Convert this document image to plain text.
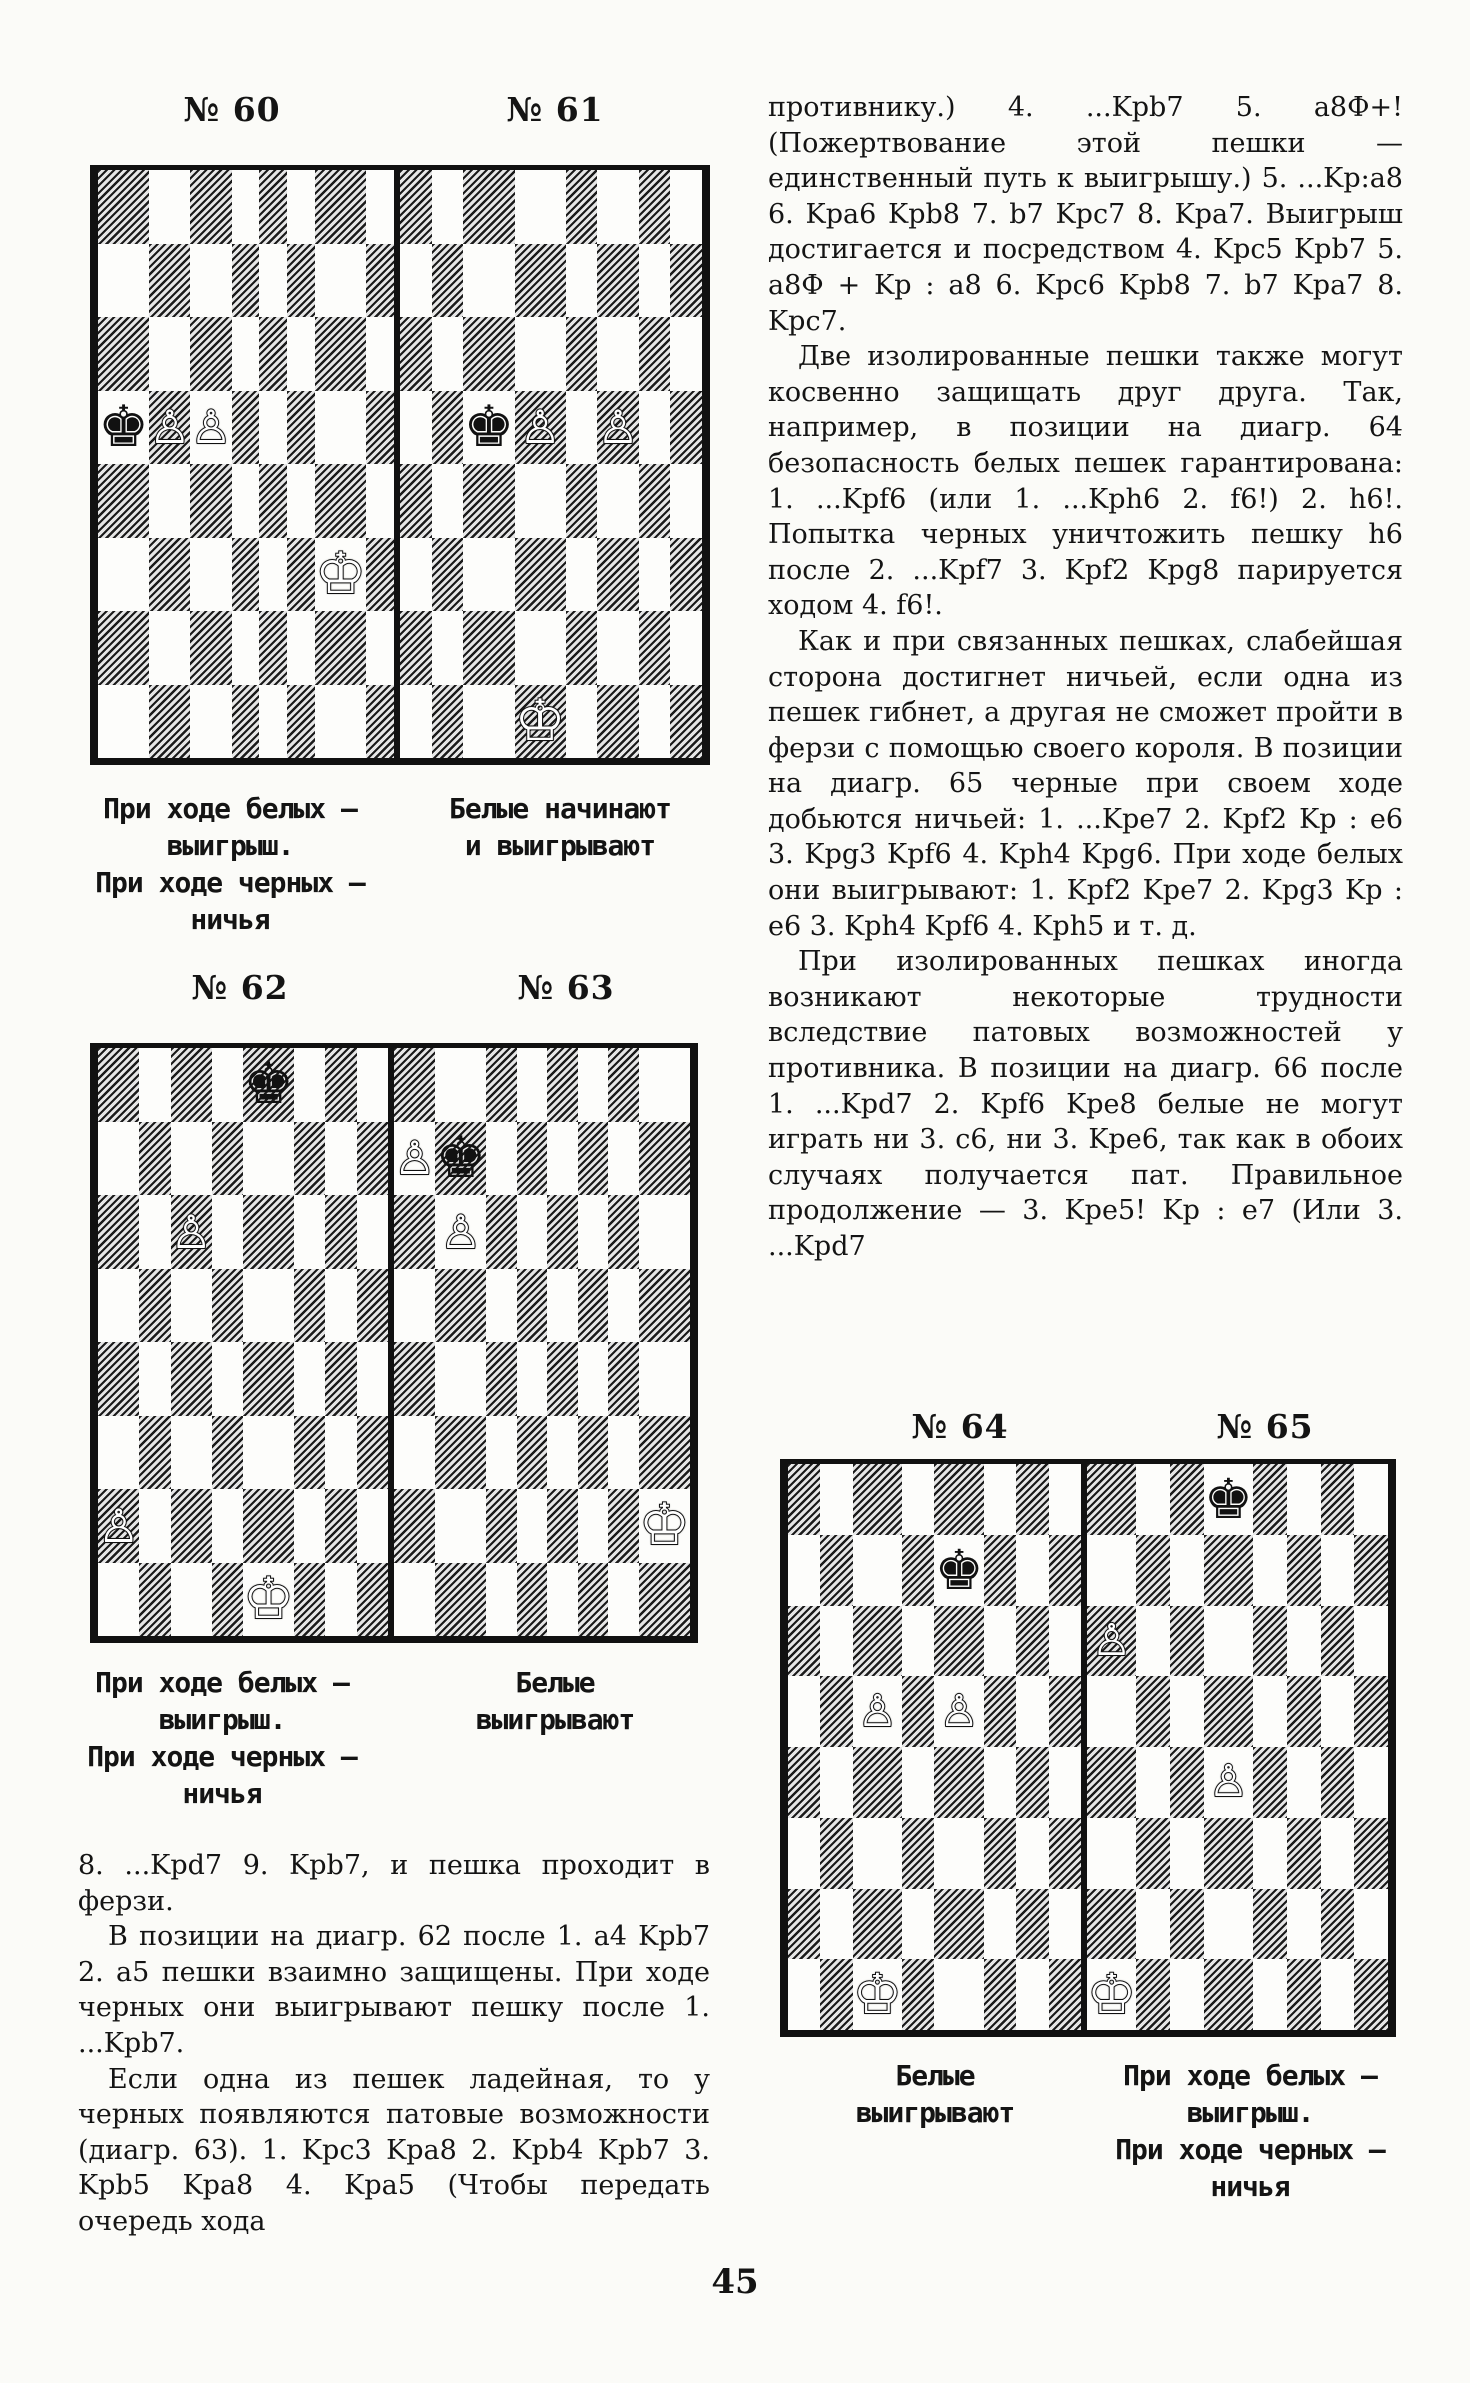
№ 60	№ 61
№ 62	№ 63
№ 64	№ 65
♚ ♙ ♙
♔
♚ ♙ ♙
♔
♚
♙
♙
♔
♙ ♚
♙
♔
♚
♙ ♙
♔
♚
♙
♙
♔
При ходе белых —
выигрыш.
При ходе черных —
ничья
Белые начинают
и выигрывают
При ходе белых —
выигрыш.
При ходе черных —
ничья
Белые
выигрывают
Белые
выигрывают
При ходе белых —
выигрыш.
При ходе черных —
ничья

8. ...Kpd7 9. Kpb7, и пешка проходит в ферзи.

В позиции на диагр. 62 после 1. a4 Kpb7 2. a5 пешки взаимно защищены. При ходе черных они выигрывают пешку после 1. ...Kpb7.

Если одна из пешек ладейная, то у черных появляются патовые возможности (диагр. 63). 1. Kpc3 Kpa8 2. Kpb4 Kpb7 3. Kpb5 Kpa8 4. Kpa5 (Чтобы передать очередь хода

противнику.) 4. ...Kpb7 5. a8Ф+! (Пожертвование этой пешки — единственный путь к выигрышу.) 5. ...Kp:a8 6. Kpa6 Kpb8 7. b7 Kpc7 8. Kpa7. Выигрыш достигается и посредством 4. Kpc5 Kpb7 5. a8Ф + Kp : a8 6. Kpc6 Kpb8 7. b7 Kpa7 8. Kpc7.

Две изолированные пешки также могут косвенно защищать друг друга. Так, например, в позиции на диагр. 64 безопасность белых пешек гарантирована: 1. ...Kpf6 (или 1. ...Kph6 2. f6!) 2. h6!. Попытка черных уничтожить пешку h6 после 2. ...Kpf7 3. Kpf2 Kpg8 парируется ходом 4. f6!.

Как и при связанных пешках, слабейшая сторона достигнет ничьей, если одна из пешек гибнет, а другая не сможет пройти в ферзи с помощью своего короля. В позиции на диагр. 65 черные при своем ходе добьются ничьей: 1. ...Kpe7 2. Kpf2 Kp : e6 3. Kpg3 Kpf6 4. Kph4 Kpg6. При ходе белых они выигрывают: 1. Kpf2 Kpe7 2. Kpg3 Kp : e6 3. Kph4 Kpf6 4. Kph5 и т. д.

При изолированных пешках иногда возникают некоторые трудности вследствие патовых возможностей у противника. В позиции на диагр. 66 после 1. ...Kpd7 2. Kpf6 Kpe8 белые не могут играть ни 3. c6, ни 3. Kpe6, так как в обоих случаях получается пат. Правильное продолжение — 3. Kpe5! Kp : e7 (Или 3. ...Kpd7

45
